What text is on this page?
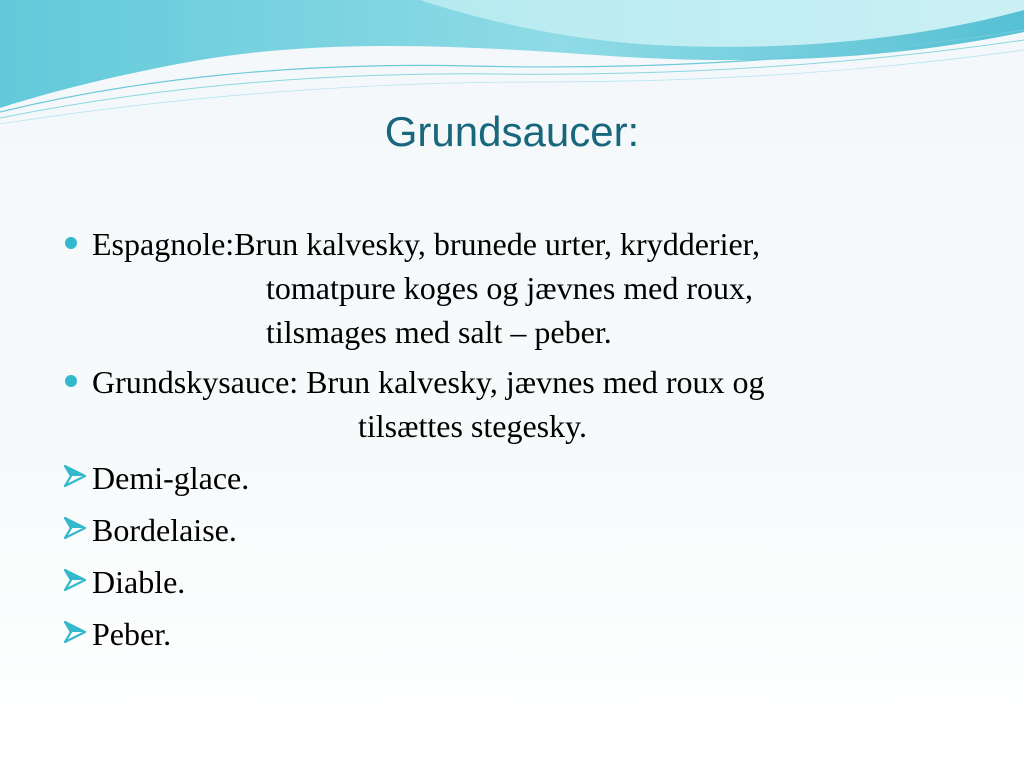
Grundsaucer:
Espagnole:Brun kalvesky, brunede urter, krydderier,
tomatpure koges og jævnes med roux,
tilsmages med salt – peber.
Grundskysauce: Brun kalvesky, jævnes med roux og
tilsættes stegesky.
Demi-glace.
Bordelaise.
Diable.
Peber.
